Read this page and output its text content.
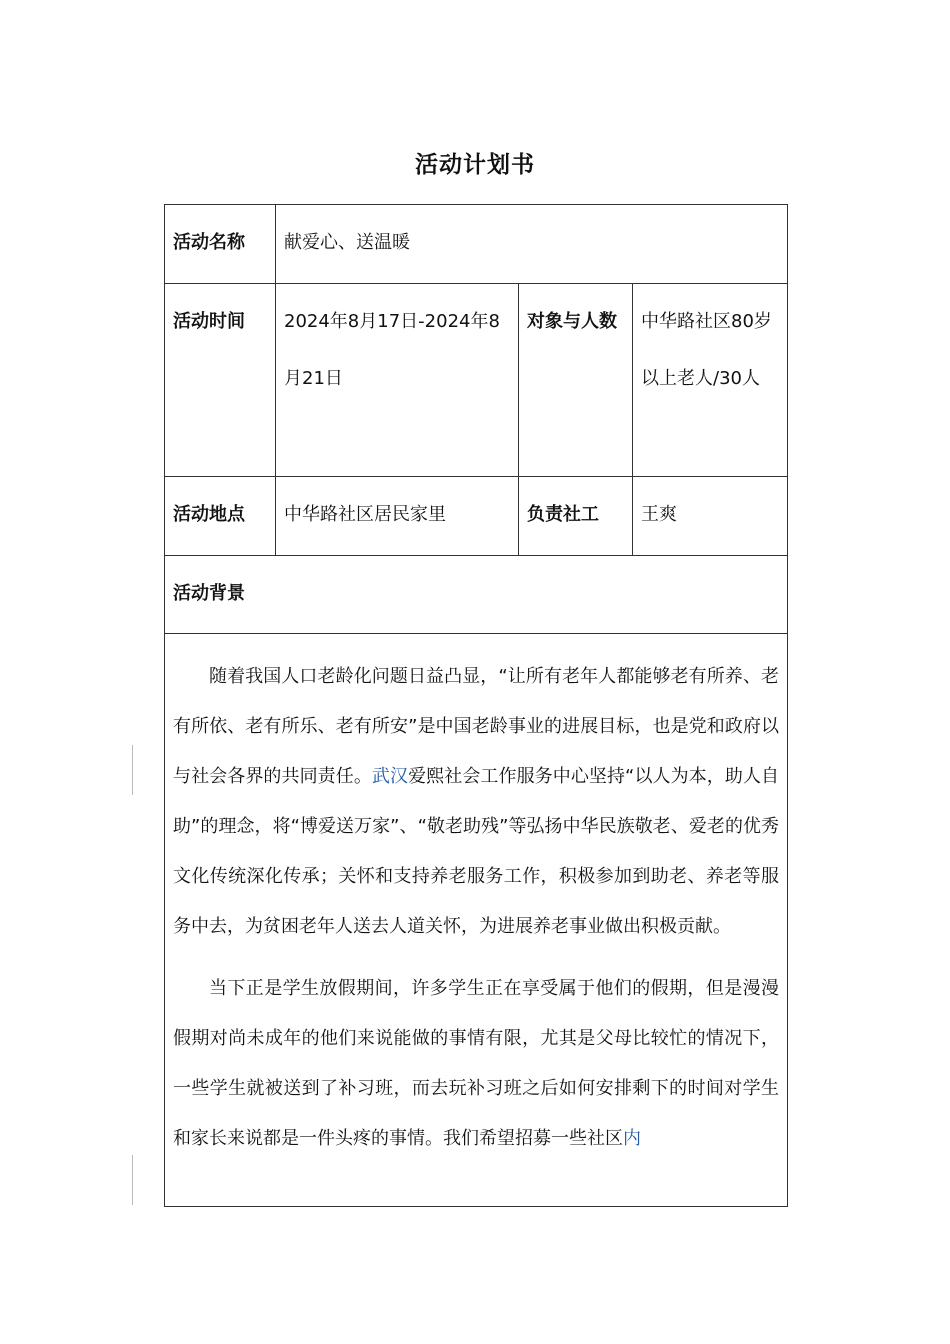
活动计划书
活动名称	献爱心、送温暖		
活动时间	2024年8月17日-2024年8月21日	对象与人数	中华路社区80岁以上老人/30人
活动地点	中华路社区居民家里	负责社工	王爽
活动背景			

随着我国人口老龄化问题日益凸显，“让所有老年人都能够老有所养、老有所依、老有所乐、老有所安”是中国老龄事业的进展目标，也是党和政府以与社会各界的共同责任。武汉爱熙社会工作服务中心坚持“以人为本，助人自助”的理念，将“博爱送万家”、“敬老助残”等弘扬中华民族敬老、爱老的优秀文化传统深化传承；关怀和支持养老服务工作，积极参加到助老、养老等服务中去，为贫困老年人送去人道关怀，为进展养老事业做出积极贡献。

当下正是学生放假期间，许多学生正在享受属于他们的假期，但是漫漫假期对尚未成年的他们来说能做的事情有限，尤其是父母比较忙的情况下，一些学生就被送到了补习班，而去玩补习班之后如何安排剩下的时间对学生和家长来说都是一件头疼的事情。我们希望招募一些社区内			
